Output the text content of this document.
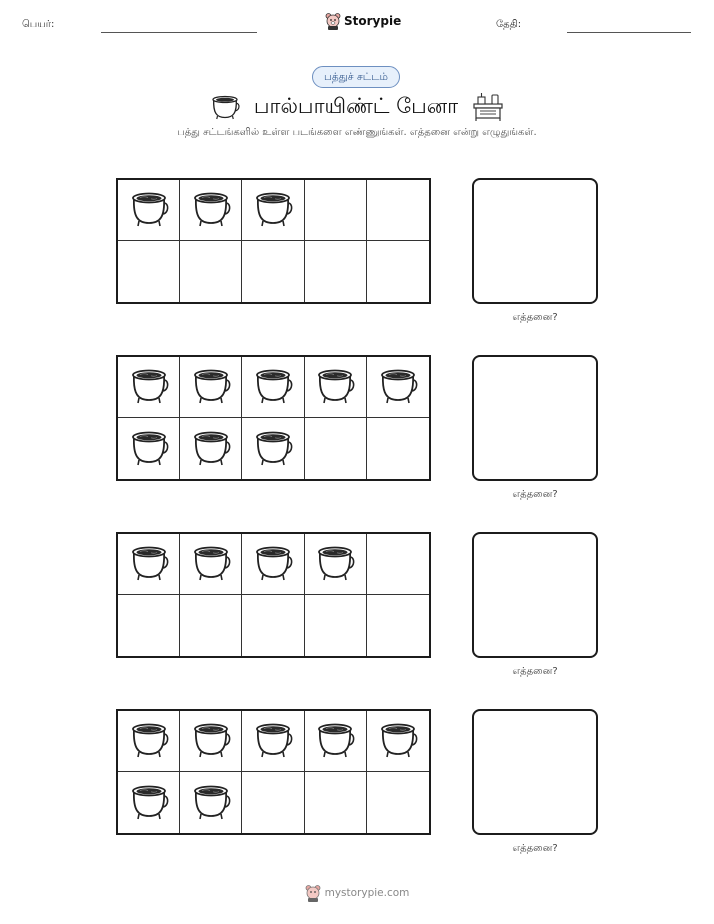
பெயர்:	Storypie	தேதி:
பத்துச் சட்டம்
பால்பாயிண்ட் பேனா
பத்து சட்டங்களில் உள்ள படங்களை எண்ணுங்கள். எத்தனை என்று எழுதுங்கள்.
எத்தனை?
எத்தனை?
எத்தனை?
எத்தனை?
mystorypie.com
